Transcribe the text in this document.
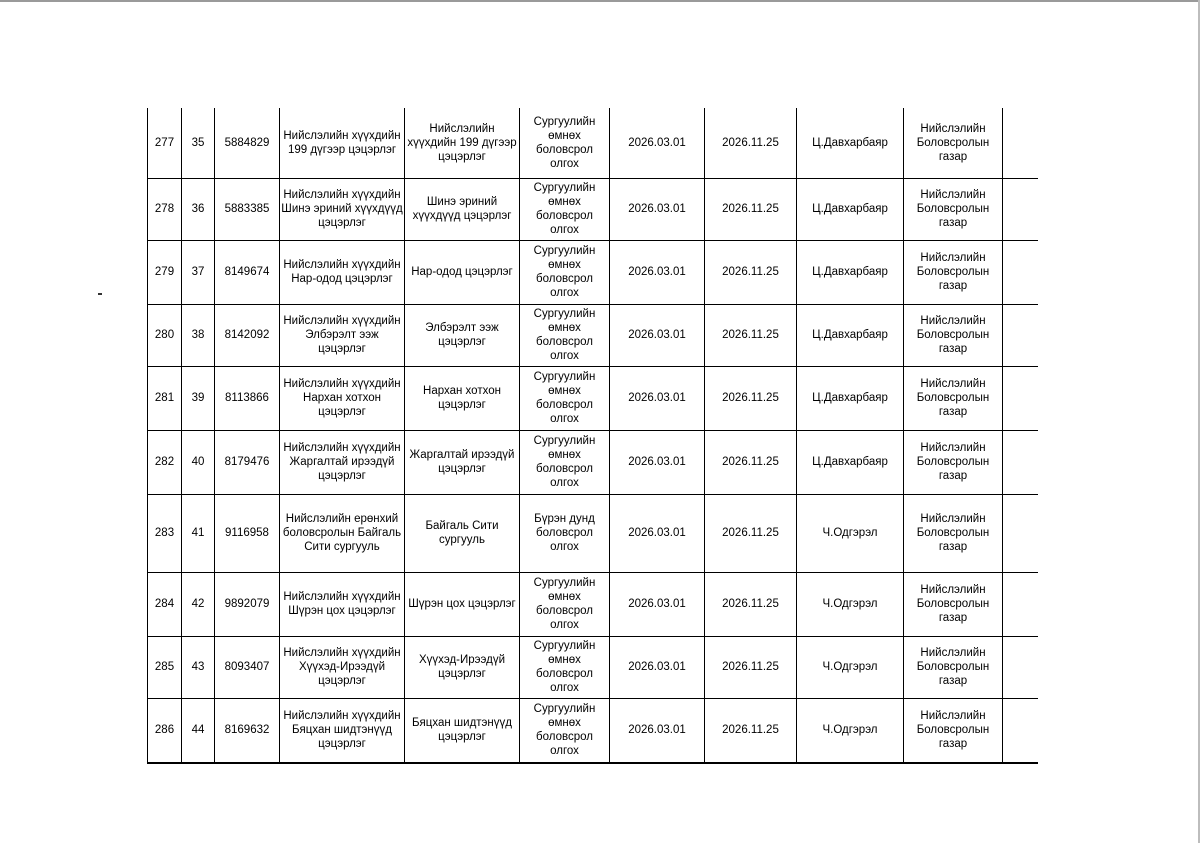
277	35	5884829	Нийслэлийн хүүхдийн 199 дүгээр цэцэрлэг	Нийслэлийн хүүхдийн 199 дүгээр цэцэрлэг	Сургуулийн өмнөх боловсрол олгох	2026.03.01	2026.11.25	Ц.Давхарбаяр	Нийслэлийн Боловсролын газар	
278	36	5883385	Нийслэлийн хүүхдийн Шинэ эриний хүүхдүүд цэцэрлэг	Шинэ эриний хүүхдүүд цэцэрлэг	Сургуулийн өмнөх боловсрол олгох	2026.03.01	2026.11.25	Ц.Давхарбаяр	Нийслэлийн Боловсролын газар	
279	37	8149674	Нийслэлийн хүүхдийн Нар-одод цэцэрлэг	Нар-одод цэцэрлэг	Сургуулийн өмнөх боловсрол олгох	2026.03.01	2026.11.25	Ц.Давхарбаяр	Нийслэлийн Боловсролын газар	
280	38	8142092	Нийслэлийн хүүхдийн Элбэрэлт ээж цэцэрлэг	Элбэрэлт ээж цэцэрлэг	Сургуулийн өмнөх боловсрол олгох	2026.03.01	2026.11.25	Ц.Давхарбаяр	Нийслэлийн Боловсролын газар	
281	39	8113866	Нийслэлийн хүүхдийн Нархан хотхон цэцэрлэг	Нархан хотхон цэцэрлэг	Сургуулийн өмнөх боловсрол олгох	2026.03.01	2026.11.25	Ц.Давхарбаяр	Нийслэлийн Боловсролын газар	
282	40	8179476	Нийслэлийн хүүхдийн Жаргалтай ирээдүй цэцэрлэг	Жаргалтай ирээдүй цэцэрлэг	Сургуулийн өмнөх боловсрол олгох	2026.03.01	2026.11.25	Ц.Давхарбаяр	Нийслэлийн Боловсролын газар	
283	41	9116958	Нийслэлийн ерөнхий боловсролын Байгаль Сити сургууль	Байгаль Сити сургууль	Бүрэн дунд боловсрол олгох	2026.03.01	2026.11.25	Ч.Одгэрэл	Нийслэлийн Боловсролын газар	
284	42	9892079	Нийслэлийн хүүхдийн Шүрэн цох цэцэрлэг	Шүрэн цох цэцэрлэг	Сургуулийн өмнөх боловсрол олгох	2026.03.01	2026.11.25	Ч.Одгэрэл	Нийслэлийн Боловсролын газар	
285	43	8093407	Нийслэлийн хүүхдийн Хүүхэд-Ирээдүй цэцэрлэг	Хүүхэд-Ирээдүй цэцэрлэг	Сургуулийн өмнөх боловсрол олгох	2026.03.01	2026.11.25	Ч.Одгэрэл	Нийслэлийн Боловсролын газар	
286	44	8169632	Нийслэлийн хүүхдийн Бяцхан шидтэнүүд цэцэрлэг	Бяцхан шидтэнүүд цэцэрлэг	Сургуулийн өмнөх боловсрол олгох	2026.03.01	2026.11.25	Ч.Одгэрэл	Нийслэлийн Боловсролын газар	
